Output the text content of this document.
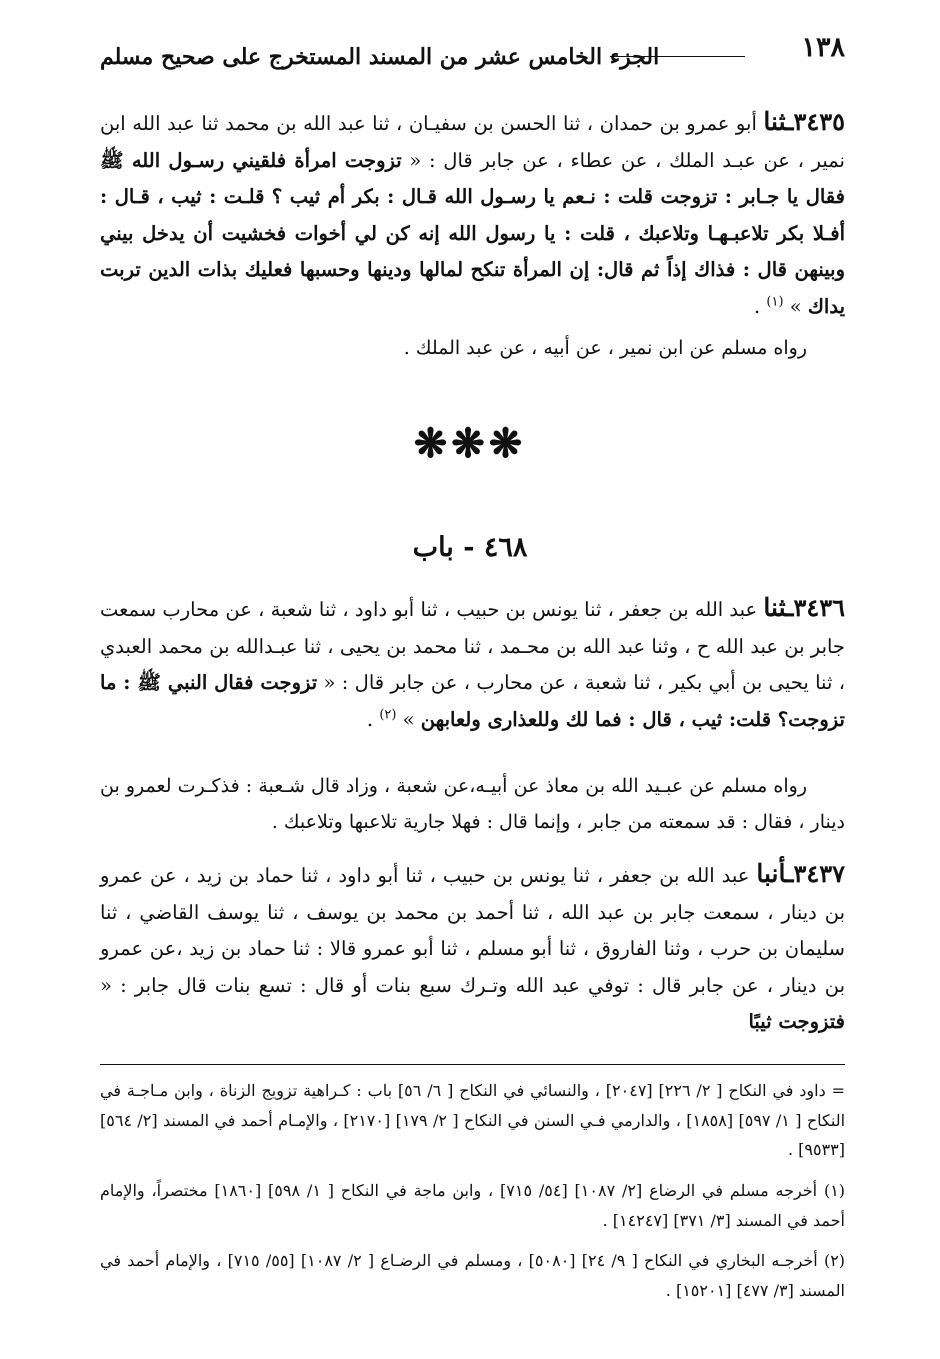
١٣٨
الجزء الخامس عشر من المسند المستخرج على صحيح مسلم
٣٤٣٥ـثنا أبو عمرو بن حمدان ، ثنا الحسن بن سفيـان ، ثنا عبد الله بن محمد ثنا عبد الله ابن نمير ، عن عبـد الملك ، عن عطاء ، عن جابر قال : « تزوجت امرأة فلقيني رسـول الله ﷺ فقال يا جـابر : تزوجت قلت : نـعم يا رسـول الله قـال : بكر أم ثيب ؟ قلـت : ثيب ، قـال : أفـلا بكر تلاعبـهـا وتلاعبك ، قلت : يا رسول الله إنه كن لي أخوات فخشيت أن يدخل بيني وبينهن قال : فذاك إذاً ثم قال: إن المرأة تنكح لمالها ودينها وحسبها فعليك بذات الدين تربت يداك » $^{(١)}$ .
رواه مسلم عن ابن نمير ، عن أبيه ، عن عبد الملك .
❋❋❋
٤٦٨ - باب
٣٤٣٦ـثنا عبد الله بن جعفر ، ثنا يونس بن حبيب ، ثنا أبو داود ، ثنا شعبة ، عن محارب سمعت جابر بن عبد الله ح ، وثنا عبد الله بن محـمد ، ثنا محمد بن يحيى ، ثنا عبـدالله بن محمد العبدي ، ثنا يحيى بن أبي بكير ، ثنا شعبة ، عن محارب ، عن جابر قال : « تزوجت فقال النبي ﷺ : ما تزوجت؟ قلت: ثيب ، قال : فما لك وللعذارى ولعابهن » $^{(٢)}$ .
رواه مسلم عن عبـيد الله بن معاذ عن أبيـه،عن شعبة ، وزاد قال شـعبة : فذكـرت لعمرو بن دينار ، فقال : قد سمعته من جابر ، وإنما قال : فهلا جارية تلاعبها وتلاعبك .
٣٤٣٧ـأنبا عبد الله بن جعفر ، ثنا يونس بن حبيب ، ثنا أبو داود ، ثنا حماد بن زيد ، عن عمرو بن دينار ، سمعت جابر بن عبد الله ، ثنا أحمد بن محمد بن يوسف ، ثنا يوسف القاضي ، ثنا سليمان بن حرب ، وثنا الفاروق ، ثنا أبو مسلم ، ثنا أبو عمرو قالا : ثنا حماد بن زيد ،عن عمرو بن دينار ، عن جابر قال : توفي عبد الله وتـرك سبع بنات أو قال : تسع بنات قال جابر : « فتزوجت ثيبًا
= داود في النكاح [ ٢/ ٢٢٦] [٢٠٤٧] ، والنسائي في النكاح [ ٦/ ٥٦] باب : كـراهية تزويج الزناة ، وابن مـاجـة في النكاح [ ١/ ٥٩٧] [١٨٥٨] ، والدارمي فـي السنن في النكاح [ ٢/ ١٧٩] [٢١٧٠] ، والإمـام أحمد في المسند [٢/ ٥٦٤] [٩٥٣٣] .
(١) أخرجه مسلم في الرضاع [٢/ ١٠٨٧] [٥٤/ ٧١٥] ، وابن ماجة في النكاح [ ١/ ٥٩٨] [١٨٦٠] مختصراً، والإمام أحمد في المسند [٣/ ٣٧١] [١٤٢٤٧] .
(٢) أخرجـه البخاري في النكاح [ ٩/ ٢٤] [٥٠٨٠] ، ومسلم في الرضـاع [ ٢/ ١٠٨٧] [٥٥/ ٧١٥] ، والإمام أحمد في المسند [٣/ ٤٧٧] [١٥٢٠١] .
